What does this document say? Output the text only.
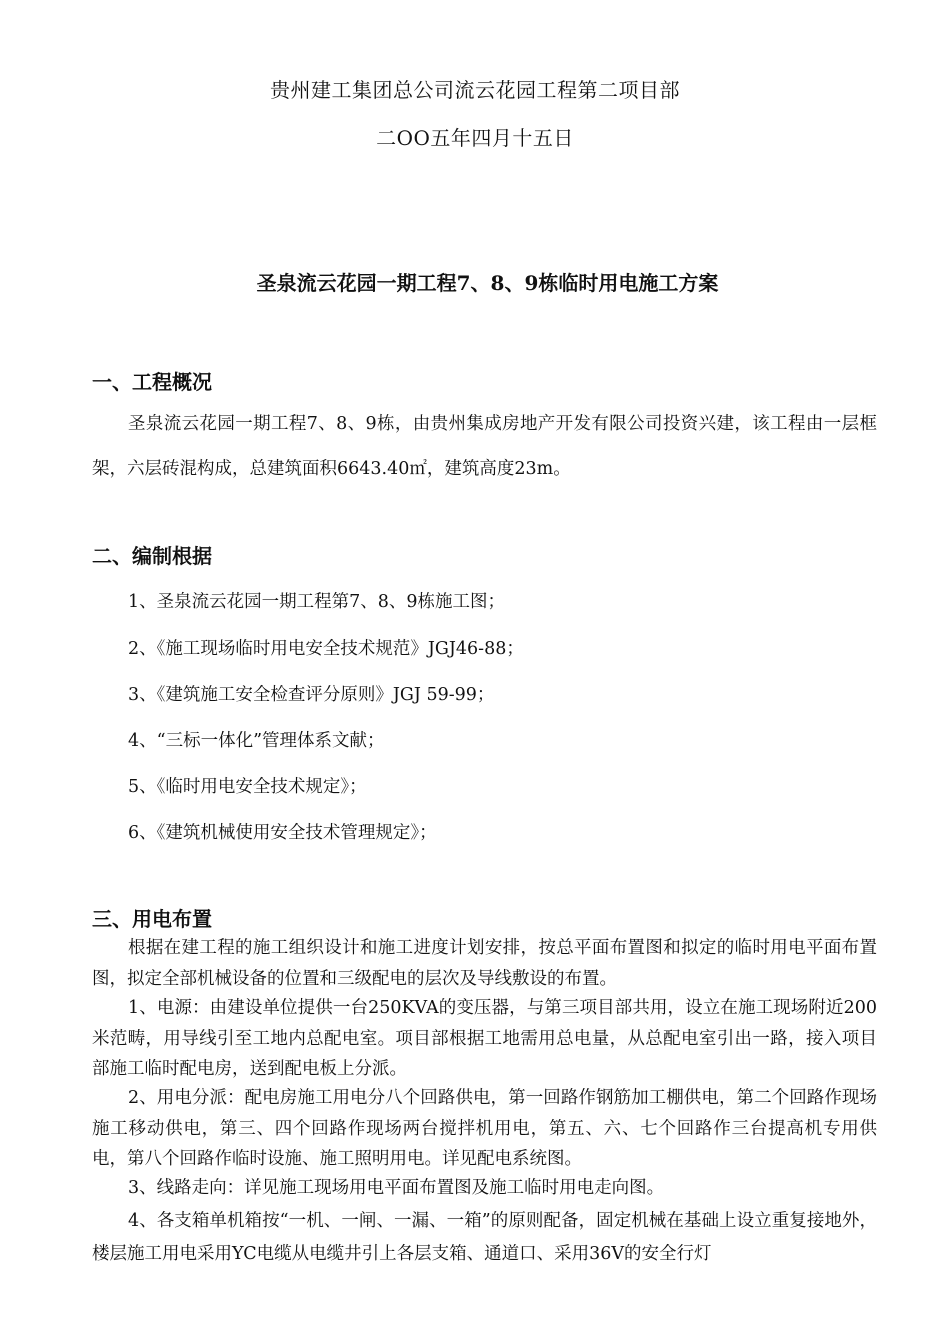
贵州建工集团总公司流云花园工程第二项目部
二OO五年四月十五日
圣泉流云花园一期工程7、8、9栋临时用电施工方案
一、工程概况
圣泉流云花园一期工程7、8、9栋，由贵州集成房地产开发有限公司投资兴建，该工程由一层框架，六层砖混构成，总建筑面积6643.40㎡，建筑高度23m。
二、编制根据
1、圣泉流云花园一期工程第7、8、9栋施工图；
2、《施工现场临时用电安全技术规范》JGJ46-88；
3、《建筑施工安全检查评分原则》JGJ 59-99；
4、“三标一体化”管理体系文献；
5、《临时用电安全技术规定》；
6、《建筑机械使用安全技术管理规定》；
三、用电布置
根据在建工程的施工组织设计和施工进度计划安排，按总平面布置图和拟定的临时用电平面布置图，拟定全部机械设备的位置和三级配电的层次及导线敷设的布置。
1、电源：由建设单位提供一台250KVA的变压器，与第三项目部共用，设立在施工现场附近200米范畴，用导线引至工地内总配电室。项目部根据工地需用总电量，从总配电室引出一路，接入项目部施工临时配电房，送到配电板上分派。
2、用电分派：配电房施工用电分八个回路供电，第一回路作钢筋加工棚供电，第二个回路作现场施工移动供电，第三、四个回路作现场两台搅拌机用电，第五、六、七个回路作三台提高机专用供电，第八个回路作临时设施、施工照明用电。详见配电系统图。
3、线路走向：详见施工现场用电平面布置图及施工临时用电走向图。
4、各支箱单机箱按“一机、一闸、一漏、一箱”的原则配备，固定机械在基础上设立重复接地外，楼层施工用电采用YC电缆从电缆井引上各层支箱、通道口、采用36V的安全行灯
